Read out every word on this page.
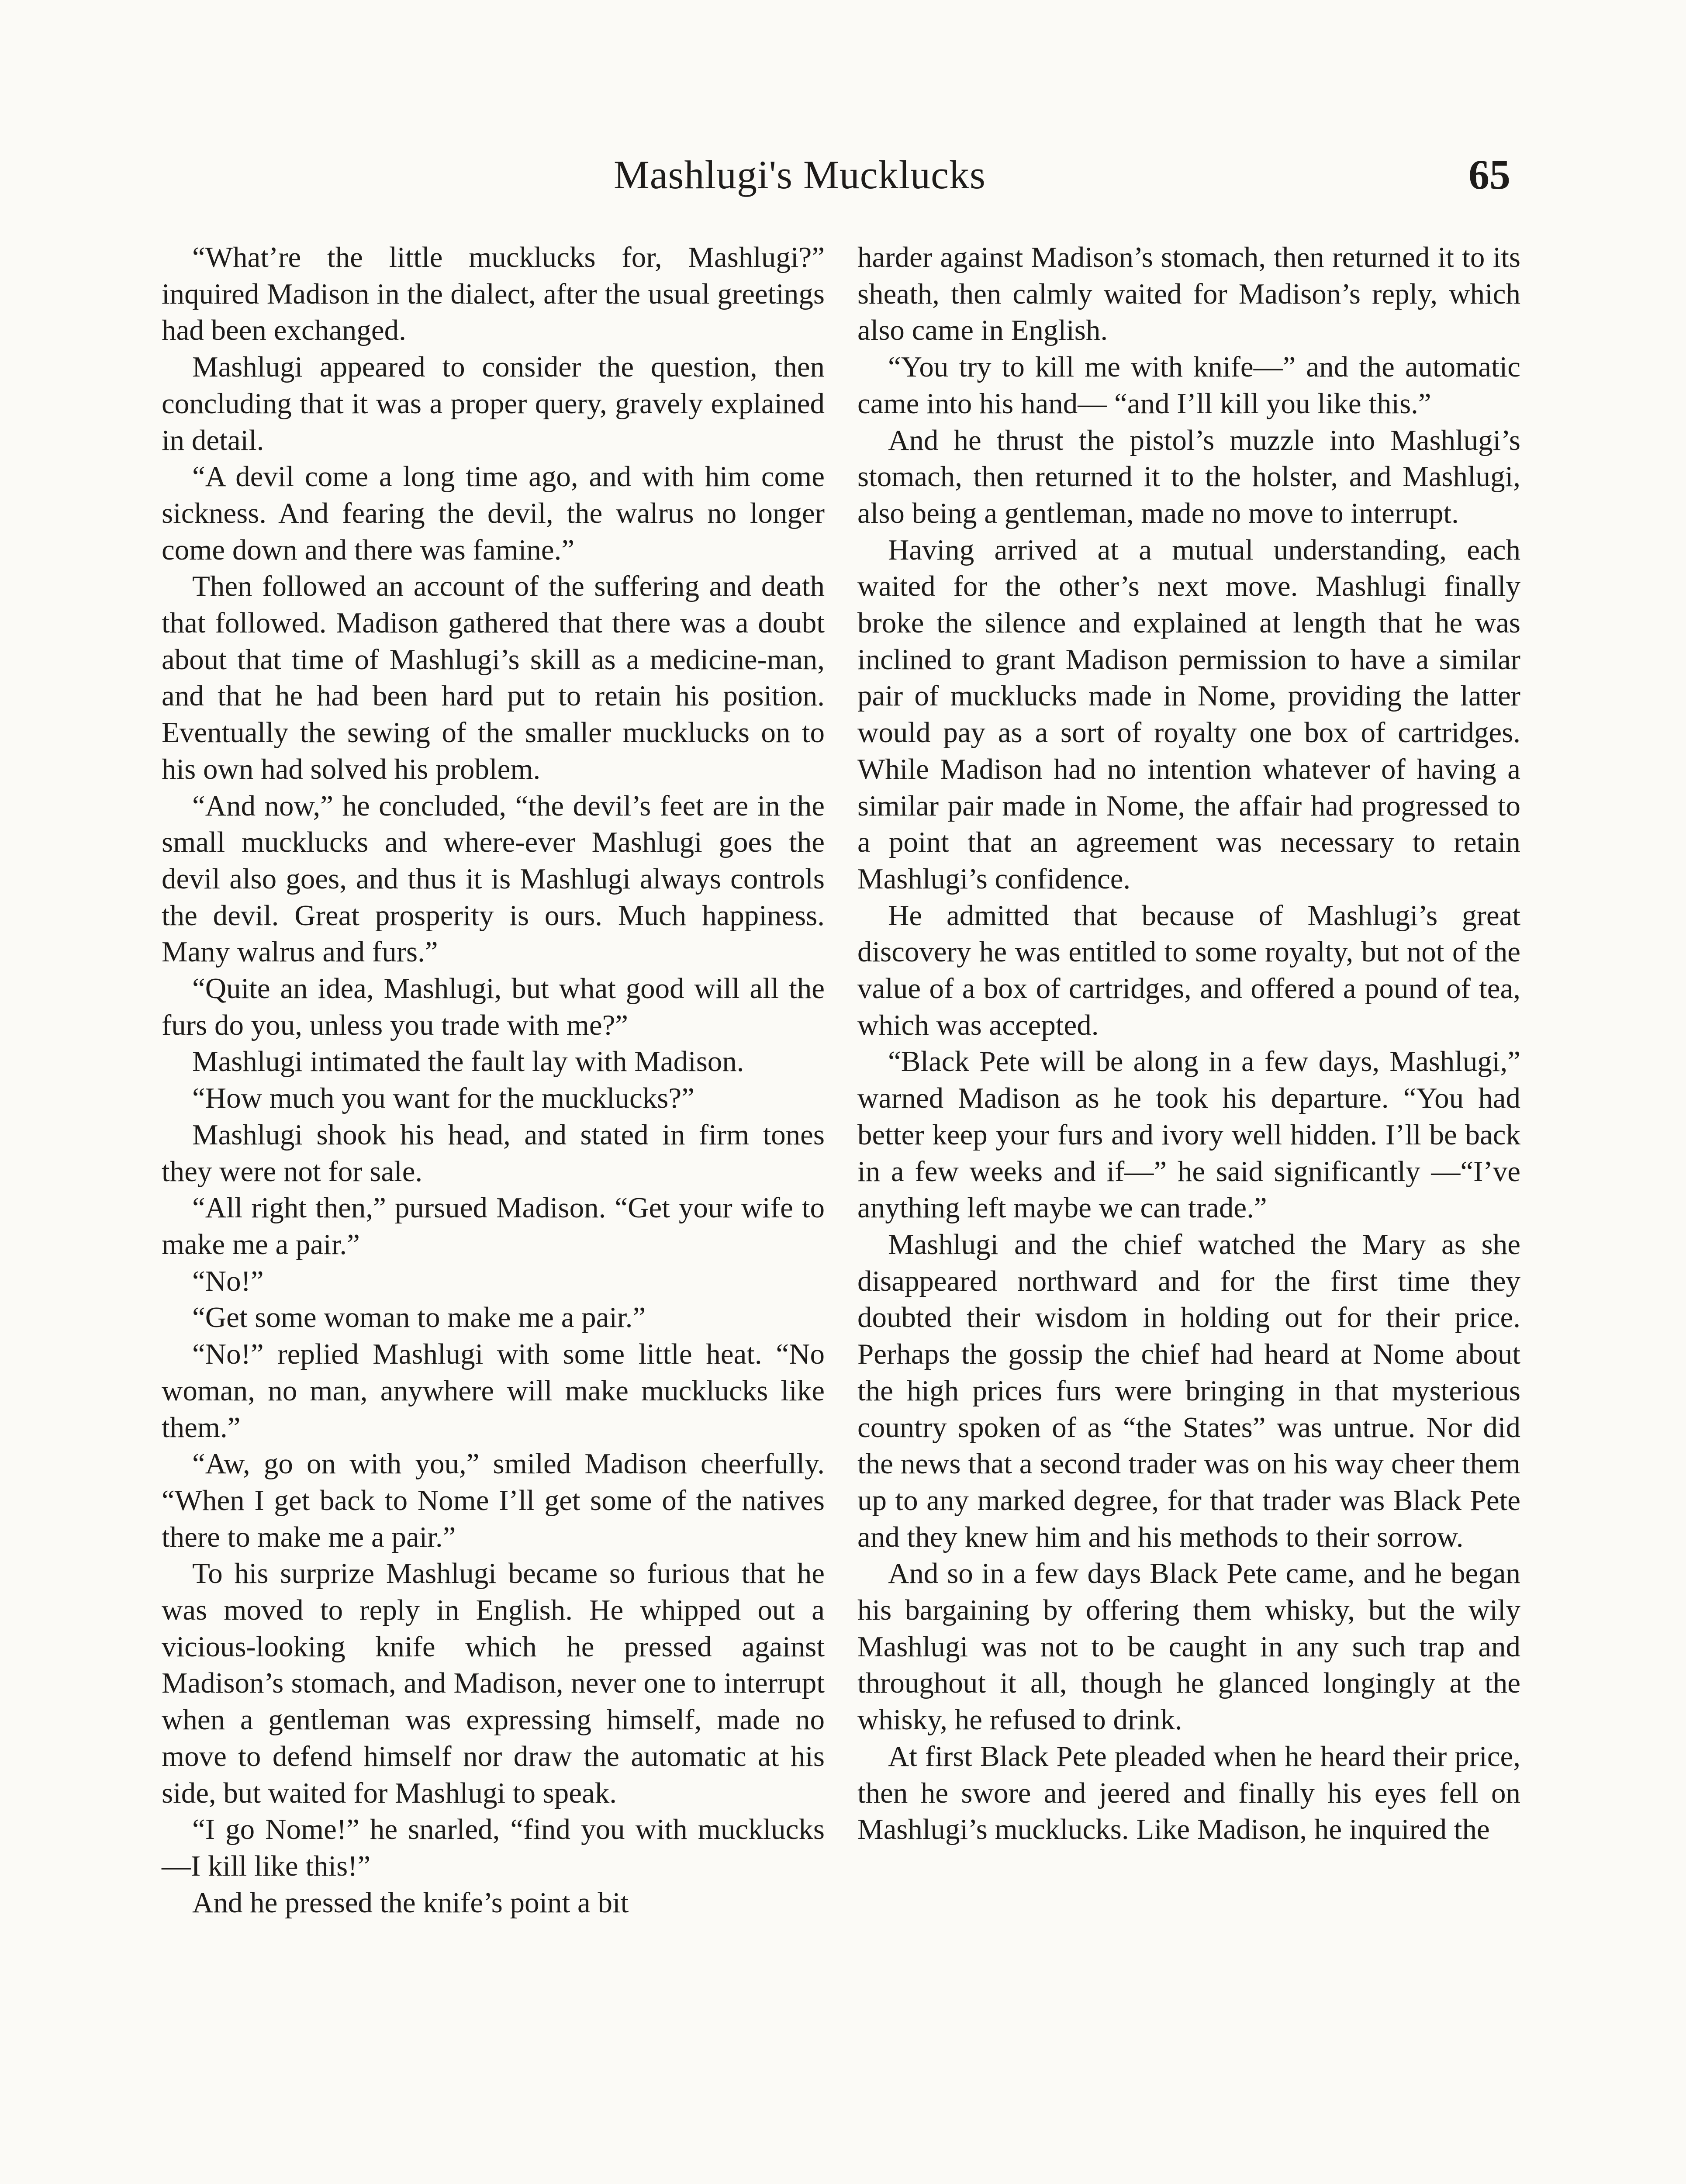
Mashlugi's Mucklucks	65

“What’re the little mucklucks for, Mashlugi?” inquired Madison in the dialect, after the usual greetings had been exchanged.

Mashlugi appeared to consider the question, then concluding that it was a proper query, gravely explained in detail.

“A devil come a long time ago, and with him come sickness. And fearing the devil, the walrus no longer come down and there was famine.”

Then followed an account of the suffering and death that followed. Madison gathered that there was a doubt about that time of Mashlugi’s skill as a medicine-man, and that he had been hard put to retain his position. Eventually the sewing of the smaller mucklucks on to his own had solved his problem.

“And now,” he concluded, “the devil’s feet are in the small mucklucks and where-ever Mashlugi goes the devil also goes, and thus it is Mashlugi always controls the devil. Great prosperity is ours. Much happiness. Many walrus and furs.”

“Quite an idea, Mashlugi, but what good will all the furs do you, unless you trade with me?”

Mashlugi intimated the fault lay with Madison.

“How much you want for the mucklucks?”

Mashlugi shook his head, and stated in firm tones they were not for sale.

“All right then,” pursued Madison. “Get your wife to make me a pair.”

“No!”

“Get some woman to make me a pair.”

“No!” replied Mashlugi with some little heat. “No woman, no man, anywhere will make mucklucks like them.”

“Aw, go on with you,” smiled Madison cheerfully. “When I get back to Nome I’ll get some of the natives there to make me a pair.”

To his surprize Mashlugi became so furious that he was moved to reply in English. He whipped out a vicious-looking knife which he pressed against Madison’s stomach, and Madison, never one to interrupt when a gentleman was expressing himself, made no move to defend himself nor draw the automatic at his side, but waited for Mashlugi to speak.

“I go Nome!” he snarled, “find you with mucklucks—I kill like this!”

And he pressed the knife’s point a bit

harder against Madison’s stomach, then returned it to its sheath, then calmly waited for Madison’s reply, which also came in English.

“You try to kill me with knife—” and the automatic came into his hand— “and I’ll kill you like this.”

And he thrust the pistol’s muzzle into Mashlugi’s stomach, then returned it to the holster, and Mashlugi, also being a gentleman, made no move to interrupt.

Having arrived at a mutual understanding, each waited for the other’s next move. Mashlugi finally broke the silence and explained at length that he was inclined to grant Madison permission to have a similar pair of mucklucks made in Nome, providing the latter would pay as a sort of royalty one box of cartridges. While Madison had no intention whatever of having a similar pair made in Nome, the affair had progressed to a point that an agreement was necessary to retain Mashlugi’s confidence.

He admitted that because of Mashlugi’s great discovery he was entitled to some royalty, but not of the value of a box of cartridges, and offered a pound of tea, which was accepted.

“Black Pete will be along in a few days, Mashlugi,” warned Madison as he took his departure. “You had better keep your furs and ivory well hidden. I’ll be back in a few weeks and if—” he said significantly —“I’ve anything left maybe we can trade.”

Mashlugi and the chief watched the Mary as she disappeared northward and for the first time they doubted their wisdom in holding out for their price. Perhaps the gossip the chief had heard at Nome about the high prices furs were bringing in that mysterious country spoken of as “the States” was untrue. Nor did the news that a second trader was on his way cheer them up to any marked degree, for that trader was Black Pete and they knew him and his methods to their sorrow.

And so in a few days Black Pete came, and he began his bargaining by offering them whisky, but the wily Mashlugi was not to be caught in any such trap and throughout it all, though he glanced longingly at the whisky, he refused to drink.

At first Black Pete pleaded when he heard their price, then he swore and jeered and finally his eyes fell on Mashlugi’s mucklucks. Like Madison, he inquired the
